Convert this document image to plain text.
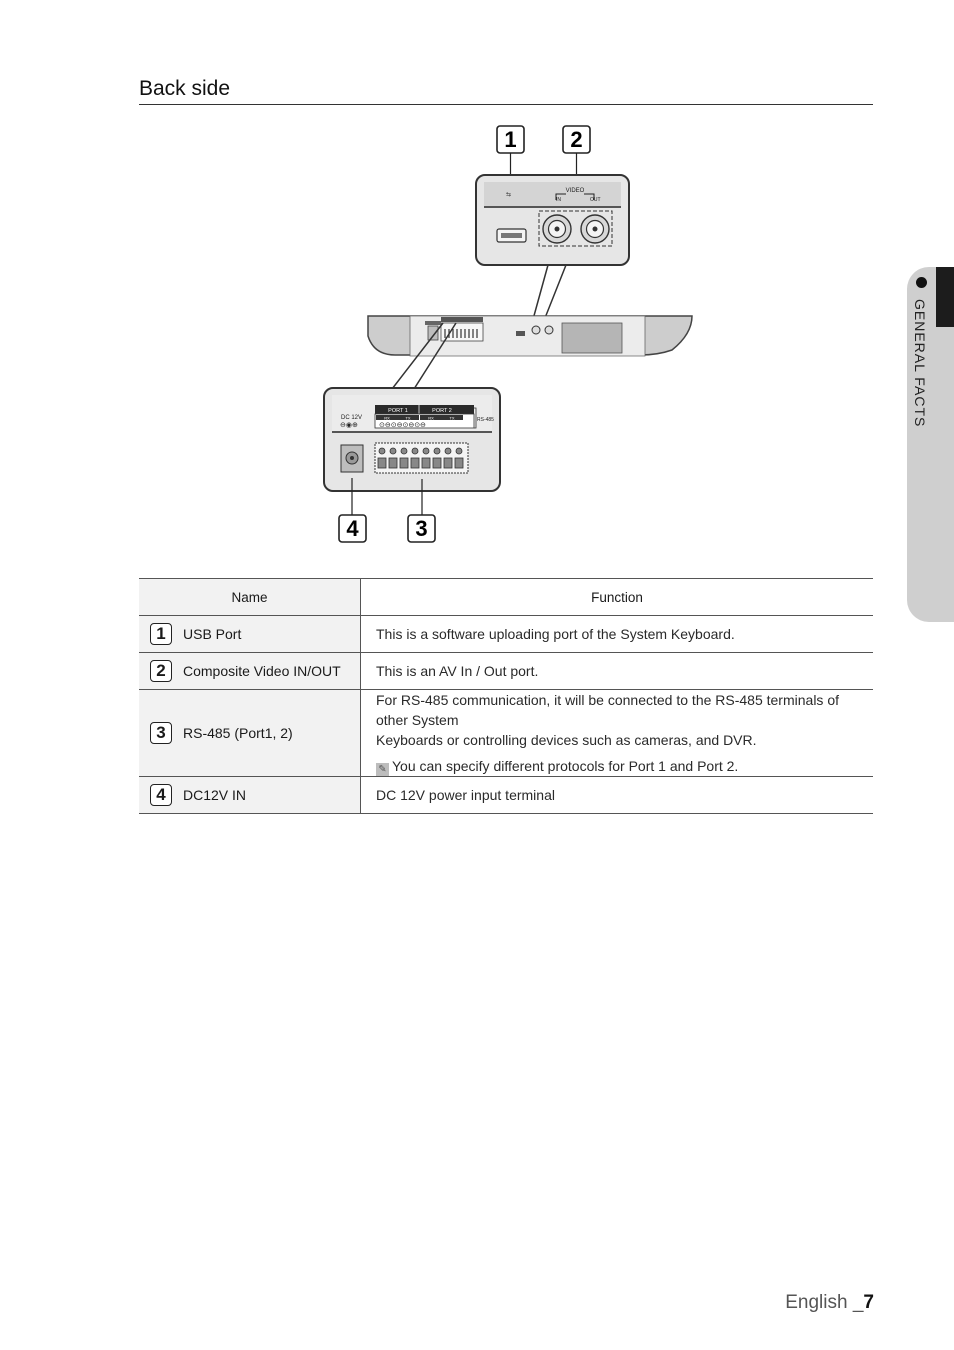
Back side
GENERAL FACTS
1 2
⇆
VIDEO
IN	OUT
DC 12V
⊖◉⊕
PORT 1	PORT 2
RX	TX	RX	TX
⊙⊖⊙⊖⊙⊖⊙⊖
RS-485
4	3
Name		Function
1	USB Port	This is a software uploading port of the System Keyboard.
2	Composite Video IN/OUT	This is an AV In / Out port.
3	RS-485 (Port1, 2)	For RS-485 communication, it will be connected to the RS-485 terminals of other System
Keyboards or controlling devices such as cameras, and DVR.
✎ You can specify different protocols for Port 1 and Port 2.

4	DC12V IN	DC 12V power input terminal
English _7
